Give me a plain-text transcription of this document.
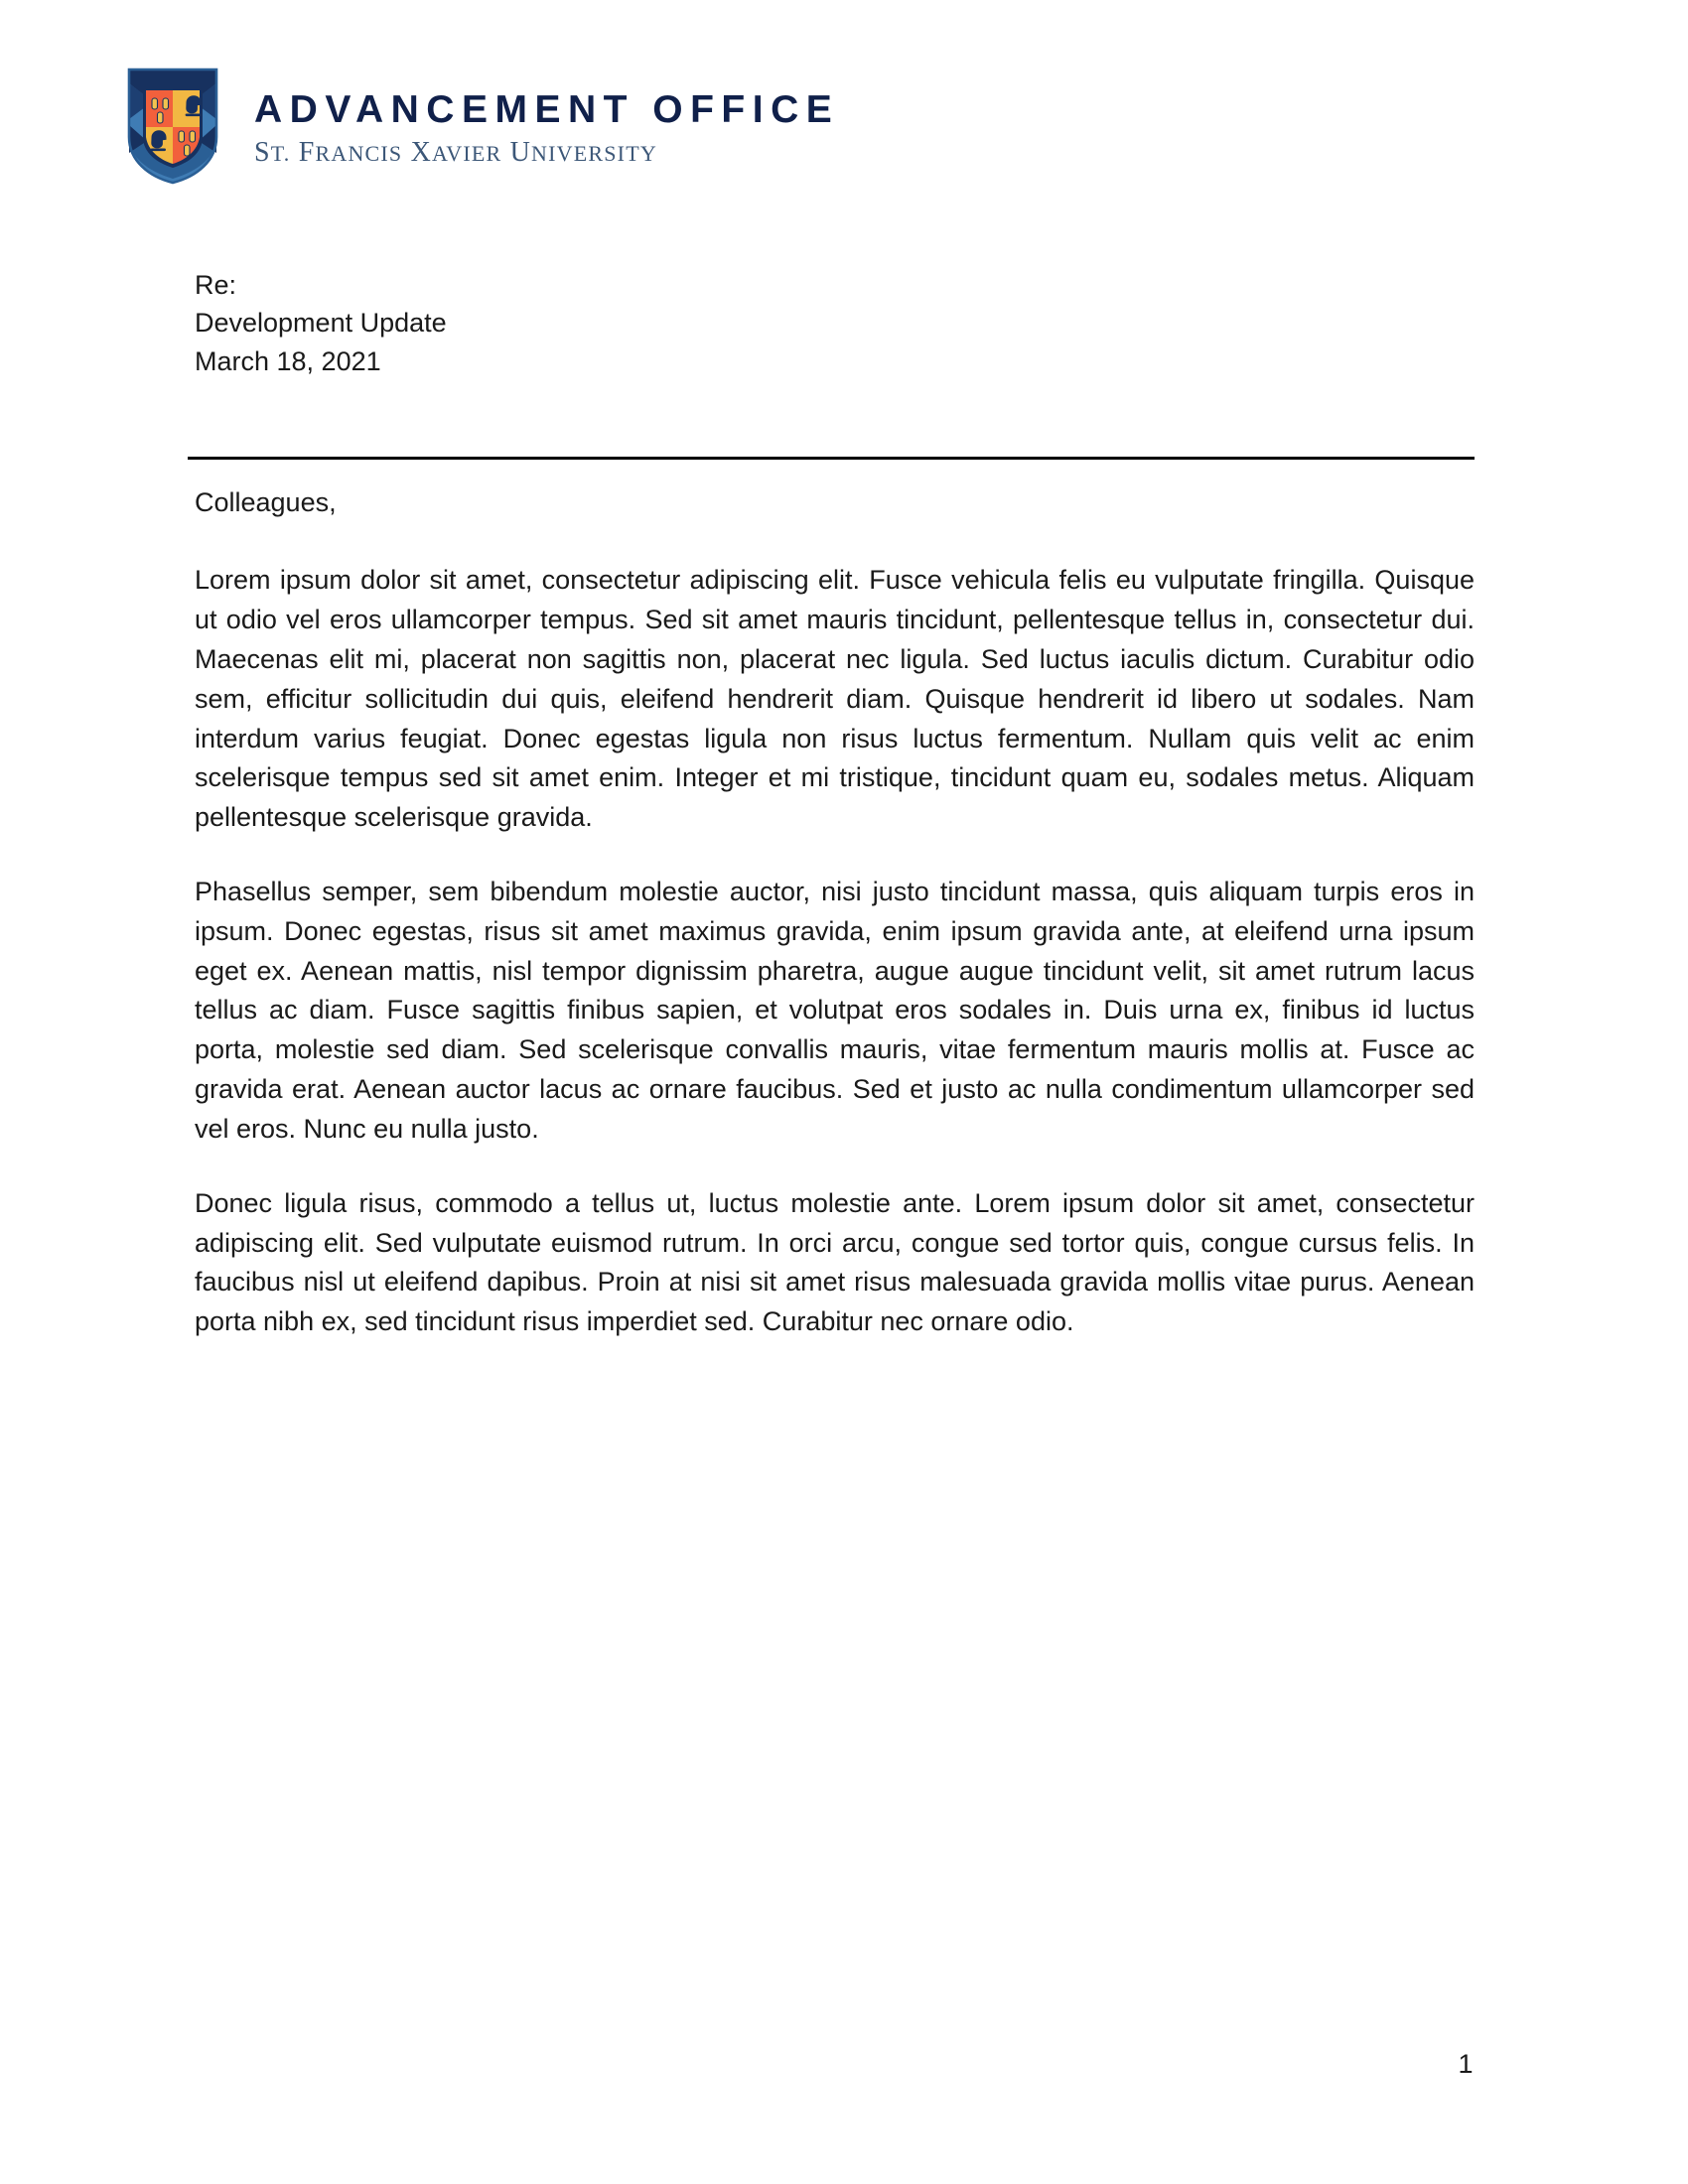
ADVANCEMENT OFFICE
ST. FRANCIS XAVIER UNIVERSITY
Re:
Development Update
March 18, 2021

Colleagues,

Lorem ipsum dolor sit amet, consectetur adipiscing elit. Fusce vehicula felis eu vulputate fringilla. Quisque ut odio vel eros ullamcorper tempus. Sed sit amet mauris tincidunt, pellentesque tellus in, consectetur dui. Maecenas elit mi, placerat non sagittis non, placerat nec ligula. Sed luctus iaculis dictum. Curabitur odio sem, efficitur sollicitudin dui quis, eleifend hendrerit diam. Quisque hendrerit id libero ut sodales. Nam interdum varius feugiat. Donec egestas ligula non risus luctus fermentum. Nullam quis velit ac enim scelerisque tempus sed sit amet enim. Integer et mi tristique, tincidunt quam eu, sodales metus. Aliquam pellentesque scelerisque gravida.

Phasellus semper, sem bibendum molestie auctor, nisi justo tincidunt massa, quis aliquam turpis eros in ipsum. Donec egestas, risus sit amet maximus gravida, enim ipsum gravida ante, at eleifend urna ipsum eget ex. Aenean mattis, nisl tempor dignissim pharetra, augue augue tincidunt velit, sit amet rutrum lacus tellus ac diam. Fusce sagittis finibus sapien, et volutpat eros sodales in. Duis urna ex, finibus id luctus porta, molestie sed diam. Sed scelerisque convallis mauris, vitae fermentum mauris mollis at. Fusce ac gravida erat. Aenean auctor lacus ac ornare faucibus. Sed et justo ac nulla condimentum ullamcorper sed vel eros. Nunc eu nulla justo.

Donec ligula risus, commodo a tellus ut, luctus molestie ante. Lorem ipsum dolor sit amet, consectetur adipiscing elit. Sed vulputate euismod rutrum. In orci arcu, congue sed tortor quis, congue cursus felis. In faucibus nisl ut eleifend dapibus. Proin at nisi sit amet risus malesuada gravida mollis vitae purus. Aenean porta nibh ex, sed tincidunt risus imperdiet sed. Curabitur nec ornare odio.

1
